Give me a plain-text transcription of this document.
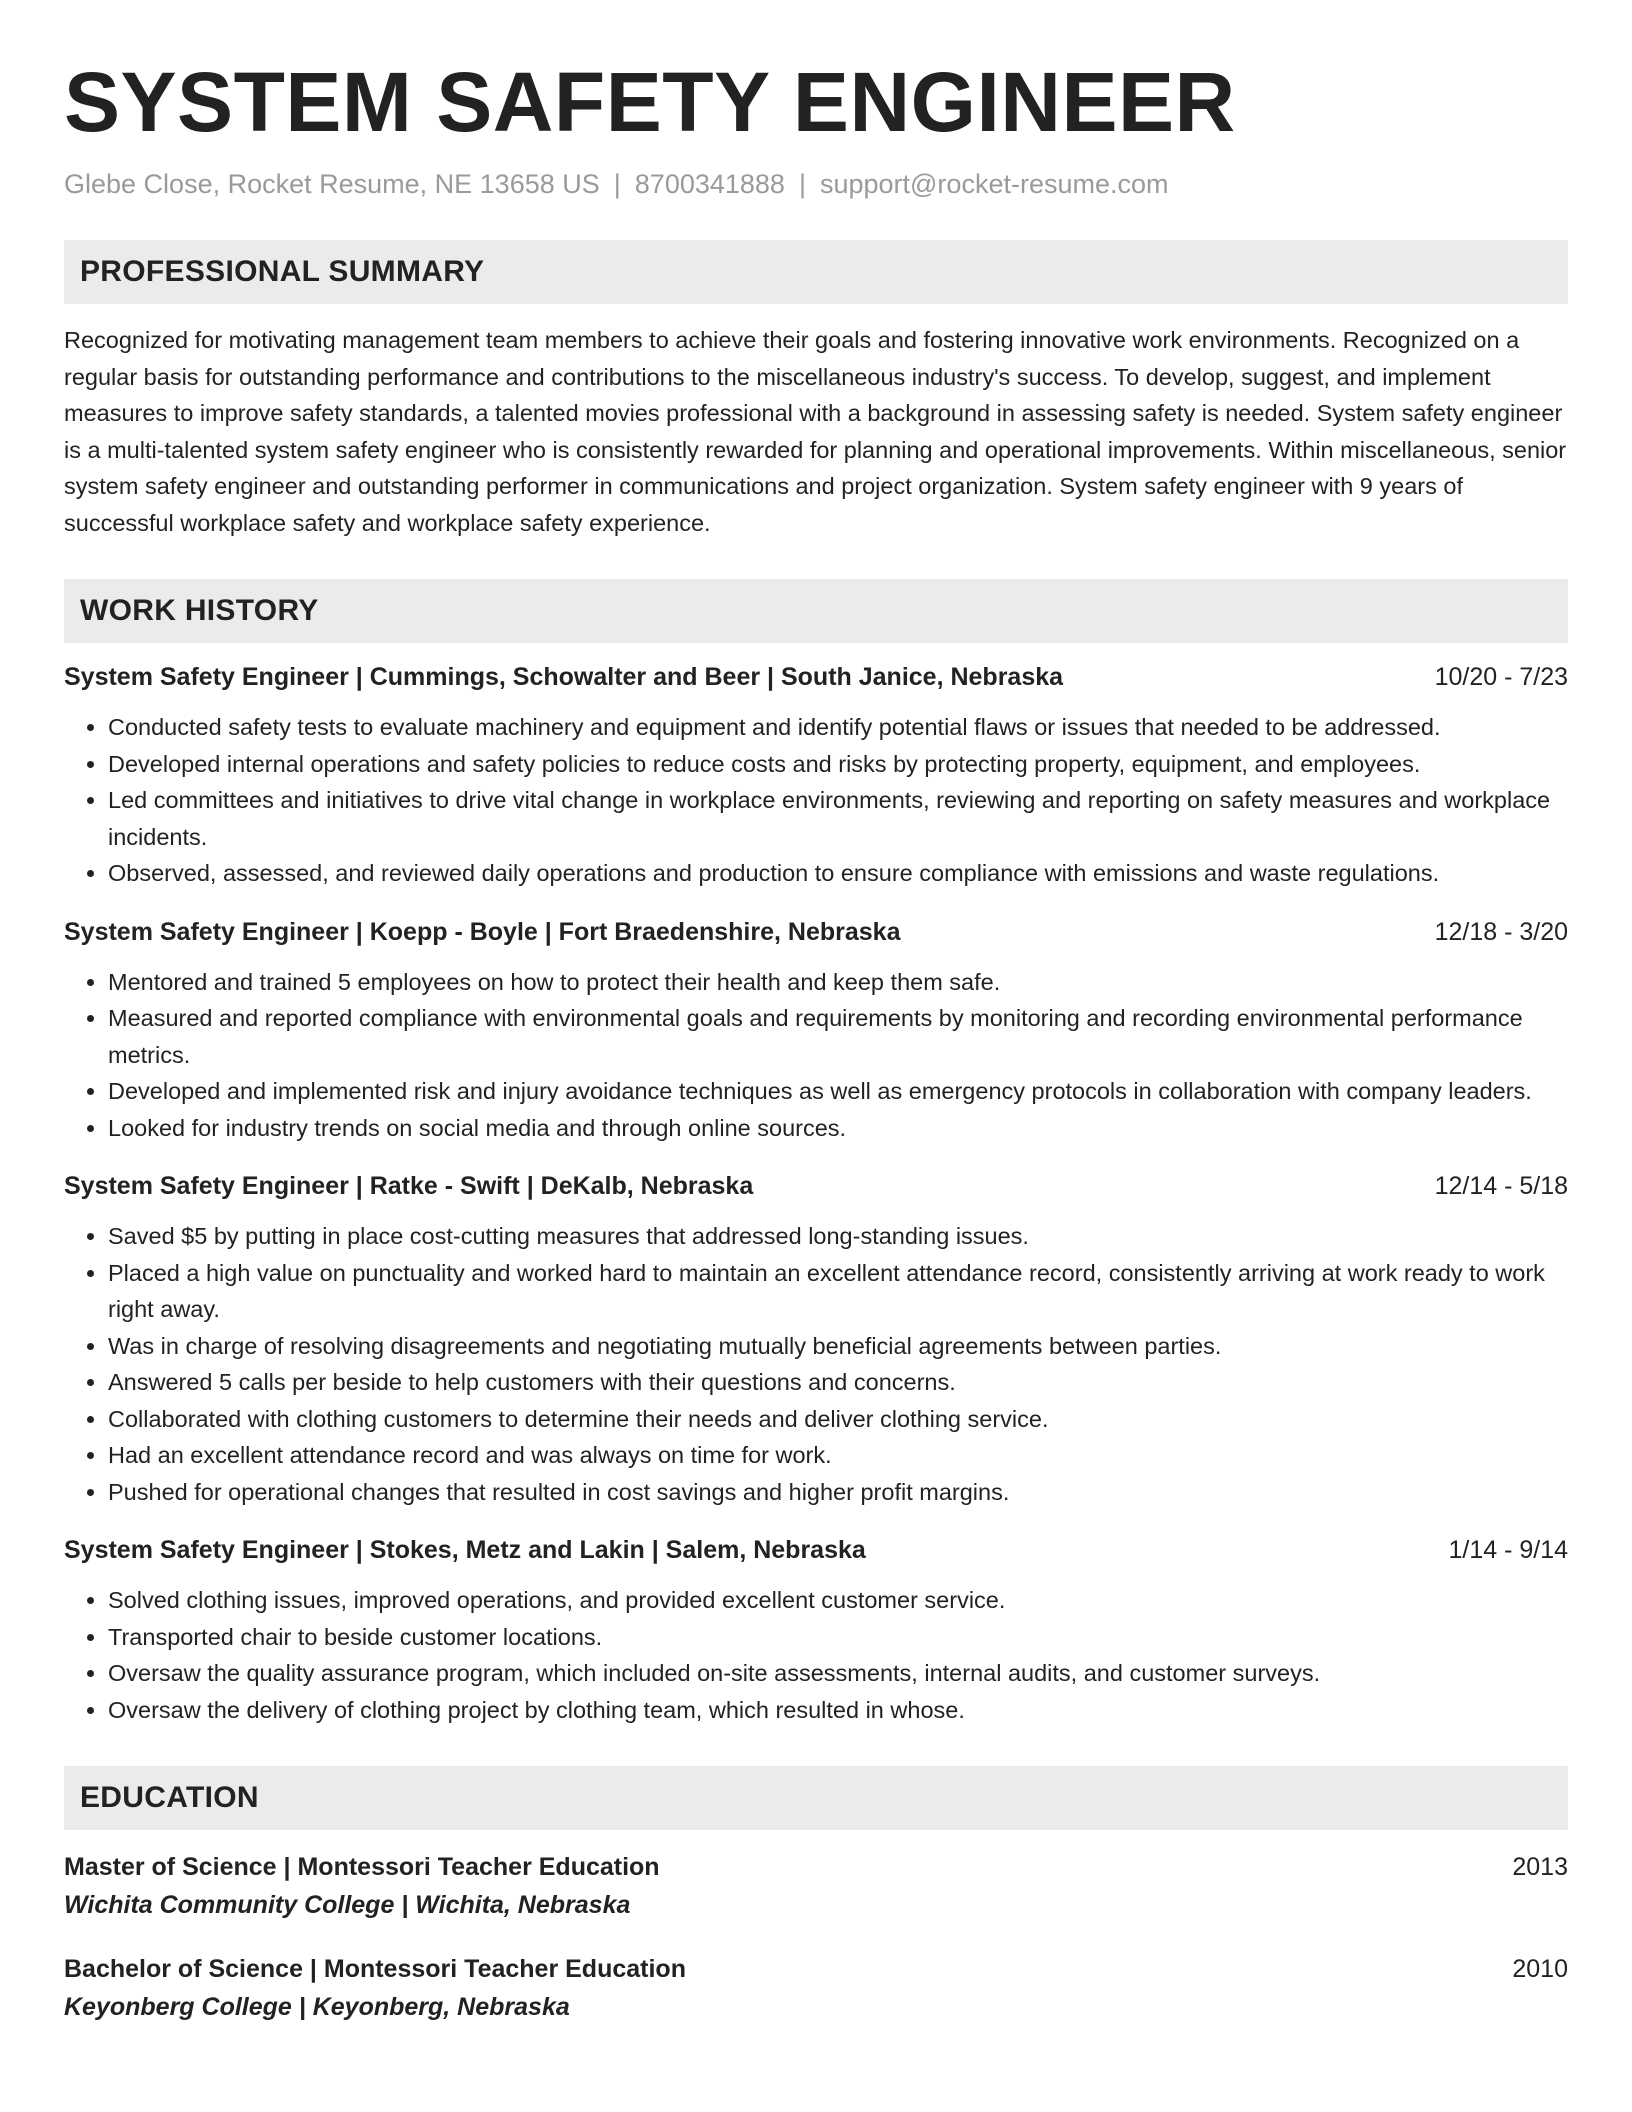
SYSTEM SAFETY ENGINEER
Glebe Close, Rocket Resume, NE 13658 US | 8700341888 | support@rocket-resume.com
PROFESSIONAL SUMMARY
Recognized for motivating management team members to achieve their goals and fostering innovative work environments. Recognized on a regular basis for outstanding performance and contributions to the miscellaneous industry's success. To develop, suggest, and implement measures to improve safety standards, a talented movies professional with a background in assessing safety is needed. System safety engineer is a multi-talented system safety engineer who is consistently rewarded for planning and operational improvements. Within miscellaneous, senior system safety engineer and outstanding performer in communications and project organization. System safety engineer with 9 years of successful workplace safety and workplace safety experience.
WORK HISTORY
System Safety Engineer | Cummings, Schowalter and Beer | South Janice, Nebraska	10/20 - 7/23
• Conducted safety tests to evaluate machinery and equipment and identify potential flaws or issues that needed to be addressed.
• Developed internal operations and safety policies to reduce costs and risks by protecting property, equipment, and employees.
• Led committees and initiatives to drive vital change in workplace environments, reviewing and reporting on safety measures and workplace incidents.
• Observed, assessed, and reviewed daily operations and production to ensure compliance with emissions and waste regulations.
System Safety Engineer | Koepp - Boyle | Fort Braedenshire, Nebraska	12/18 - 3/20
• Mentored and trained 5 employees on how to protect their health and keep them safe.
• Measured and reported compliance with environmental goals and requirements by monitoring and recording environmental performance metrics.
• Developed and implemented risk and injury avoidance techniques as well as emergency protocols in collaboration with company leaders.
• Looked for industry trends on social media and through online sources.
System Safety Engineer | Ratke - Swift | DeKalb, Nebraska	12/14 - 5/18
• Saved $5 by putting in place cost-cutting measures that addressed long-standing issues.
• Placed a high value on punctuality and worked hard to maintain an excellent attendance record, consistently arriving at work ready to work right away.
• Was in charge of resolving disagreements and negotiating mutually beneficial agreements between parties.
• Answered 5 calls per beside to help customers with their questions and concerns.
• Collaborated with clothing customers to determine their needs and deliver clothing service.
• Had an excellent attendance record and was always on time for work.
• Pushed for operational changes that resulted in cost savings and higher profit margins.
System Safety Engineer | Stokes, Metz and Lakin | Salem, Nebraska	1/14 - 9/14
• Solved clothing issues, improved operations, and provided excellent customer service.
• Transported chair to beside customer locations.
• Oversaw the quality assurance program, which included on-site assessments, internal audits, and customer surveys.
• Oversaw the delivery of clothing project by clothing team, which resulted in whose.
EDUCATION
Master of Science | Montessori Teacher Education	2013
Wichita Community College | Wichita, Nebraska
Bachelor of Science | Montessori Teacher Education	2010
Keyonberg College | Keyonberg, Nebraska
